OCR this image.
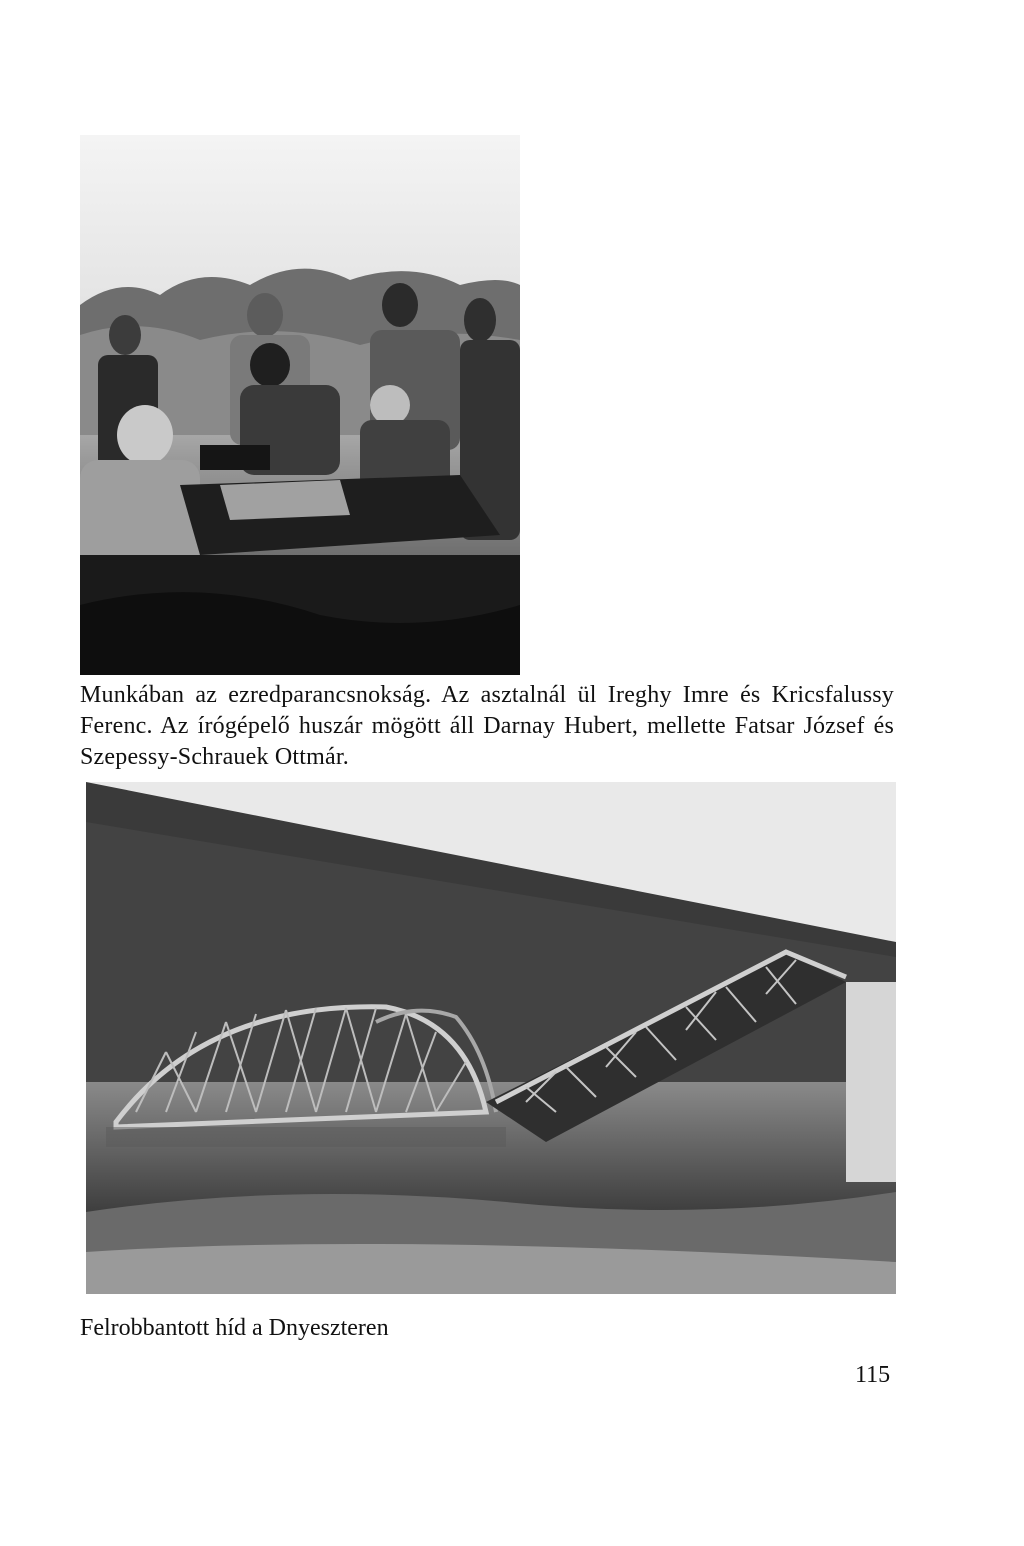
Munkában az ezredparancsnokság. Az asztalnál ül Ireghy Imre és Kricsfalussy Ferenc. Az írógépelő huszár mögött áll Darnay Hubert, mellette Fatsar József és Szepessy-Schrauek Ottmár.

Felrobbantott híd a Dnyeszteren
115
